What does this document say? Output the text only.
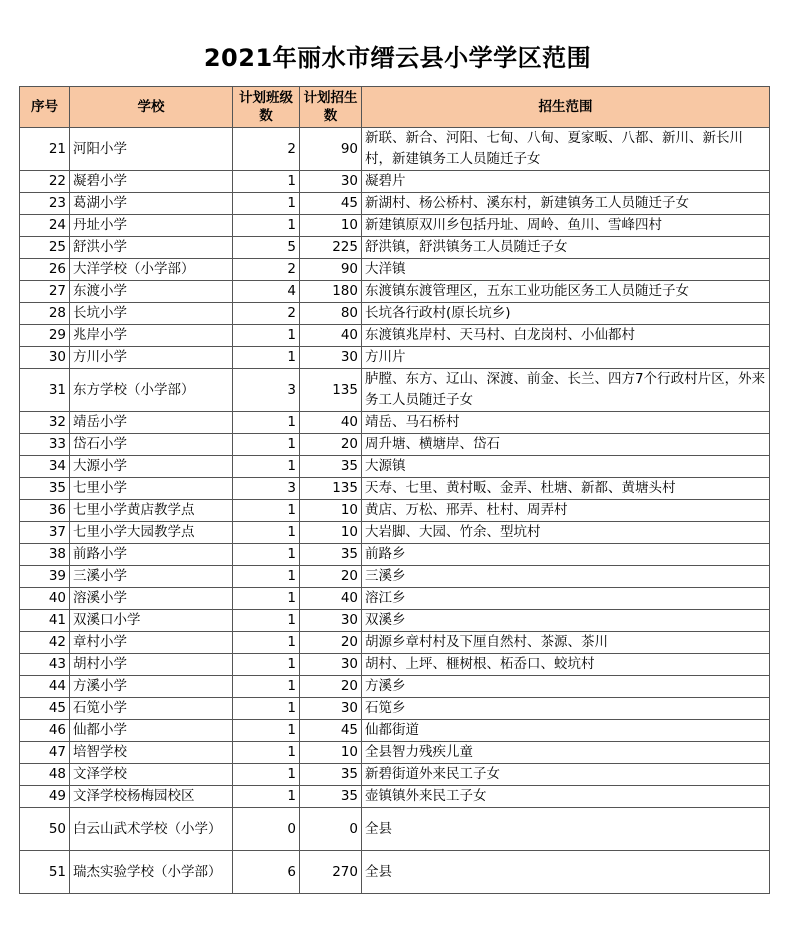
2021年丽水市缙云县小学学区范围
序号	学校	计划班级数	计划招生数	招生范围
21	河阳小学	2	90	新联、新合、河阳、七甸、八甸、夏家畈、八都、新川、新长川村，新建镇务工人员随迁子女
22	凝碧小学	1	30	凝碧片
23	葛湖小学	1	45	新湖村、杨公桥村、溪东村，新建镇务工人员随迁子女
24	丹址小学	1	10	新建镇原双川乡包括丹址、周岭、鱼川、雪峰四村
25	舒洪小学	5	225	舒洪镇，舒洪镇务工人员随迁子女
26	大洋学校（小学部）	2	90	大洋镇
27	东渡小学	4	180	东渡镇东渡管理区，五东工业功能区务工人员随迁子女
28	长坑小学	2	80	长坑各行政村(原长坑乡)
29	兆岸小学	1	40	东渡镇兆岸村、天马村、白龙岗村、小仙都村
30	方川小学	1	30	方川片
31	东方学校（小学部）	3	135	胪膛、东方、辽山、深渡、前金、长兰、四方7个行政村片区，外来务工人员随迁子女
32	靖岳小学	1	40	靖岳、马石桥村
33	岱石小学	1	20	周升塘、横塘岸、岱石
34	大源小学	1	35	大源镇
35	七里小学	3	135	天寿、七里、黄村畈、金弄、杜塘、新都、黄塘头村
36	七里小学黄店教学点	1	10	黄店、万松、邢弄、杜村、周弄村
37	七里小学大园教学点	1	10	大岩脚、大园、竹余、型坑村
38	前路小学	1	35	前路乡
39	三溪小学	1	20	三溪乡
40	溶溪小学	1	40	溶江乡
41	双溪口小学	1	30	双溪乡
42	章村小学	1	20	胡源乡章村村及下厘自然村、茶源、茶川
43	胡村小学	1	30	胡村、上坪、榧树根、柘岙口、蛟坑村
44	方溪小学	1	20	方溪乡
45	石笕小学	1	30	石笕乡
46	仙都小学	1	45	仙都街道
47	培智学校	1	10	全县智力残疾儿童
48	文泽学校	1	35	新碧街道外来民工子女
49	文泽学校杨梅园校区	1	35	壶镇镇外来民工子女
50	白云山武术学校（小学）	0	0	全县
51	瑞杰实验学校（小学部）	6	270	全县
